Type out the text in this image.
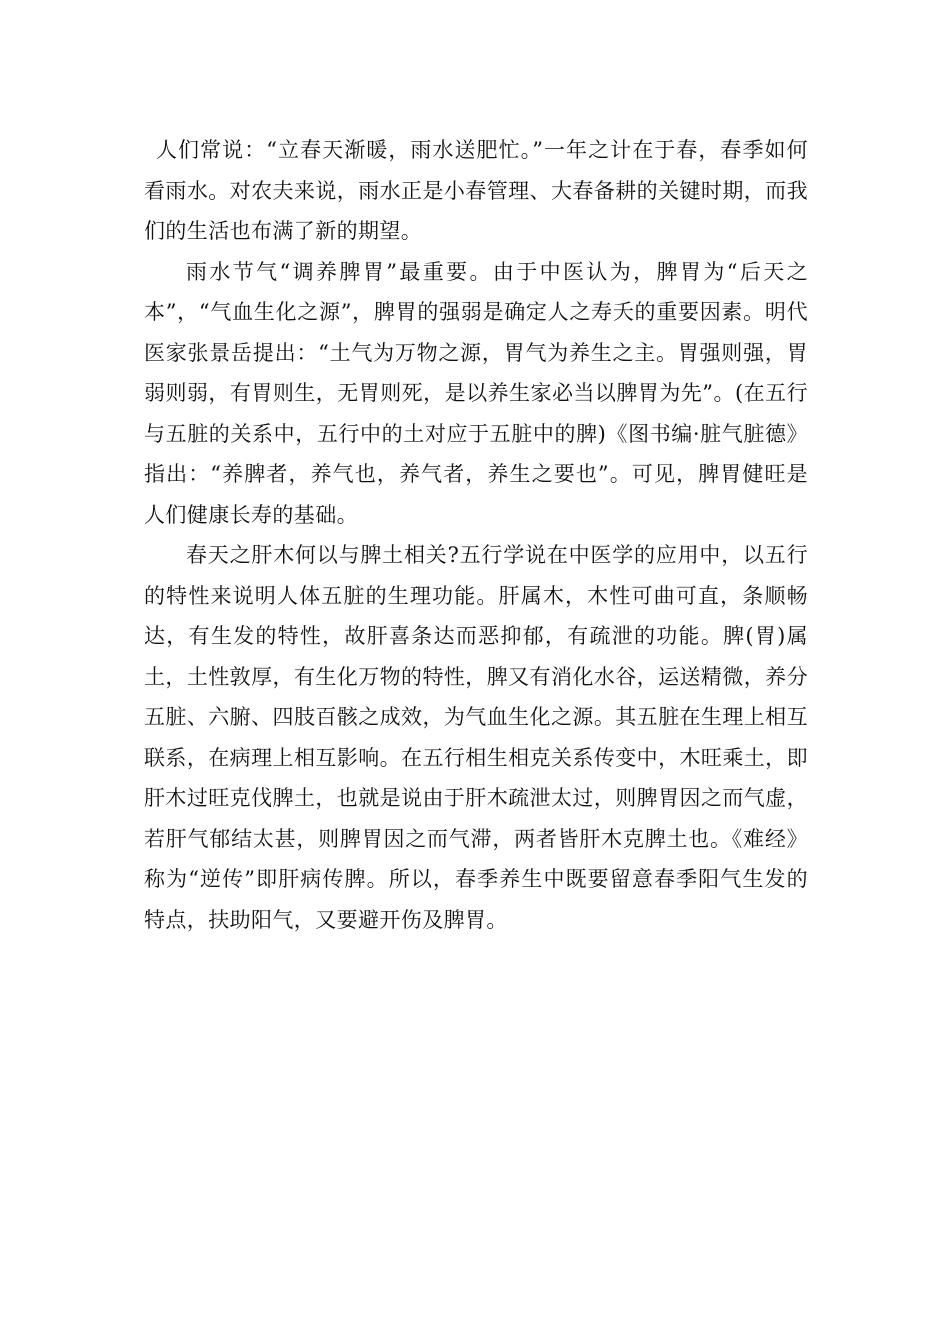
人们常说：“立春天渐暖，雨水送肥忙。”一年之计在于春，春季如何看雨水。对农夫来说，雨水正是小春管理、大春备耕的关键时期，而我们的生活也布满了新的期望。

雨水节气“调养脾胃”最重要。由于中医认为，脾胃为“后天之本”，“气血生化之源”，脾胃的强弱是确定人之寿夭的重要因素。明代医家张景岳提出：“土气为万物之源，胃气为养生之主。胃强则强，胃弱则弱，有胃则生，无胃则死，是以养生家必当以脾胃为先”。(在五行与五脏的关系中，五行中的土对应于五脏中的脾)《图书编·脏气脏德》指出：“养脾者，养气也，养气者，养生之要也”。可见，脾胃健旺是人们健康长寿的基础。

春天之肝木何以与脾土相关?五行学说在中医学的应用中，以五行的特性来说明人体五脏的生理功能。肝属木，木性可曲可直，条顺畅达，有生发的特性，故肝喜条达而恶抑郁，有疏泄的功能。脾(胃)属土，土性敦厚，有生化万物的特性，脾又有消化水谷，运送精微，养分五脏、六腑、四肢百骸之成效，为气血生化之源。其五脏在生理上相互联系，在病理上相互影响。在五行相生相克关系传变中，木旺乘土，即肝木过旺克伐脾土，也就是说由于肝木疏泄太过，则脾胃因之而气虚，若肝气郁结太甚，则脾胃因之而气滞，两者皆肝木克脾土也。《难经》称为“逆传”即肝病传脾。所以，春季养生中既要留意春季阳气生发的特点，扶助阳气，又要避开伤及脾胃。
